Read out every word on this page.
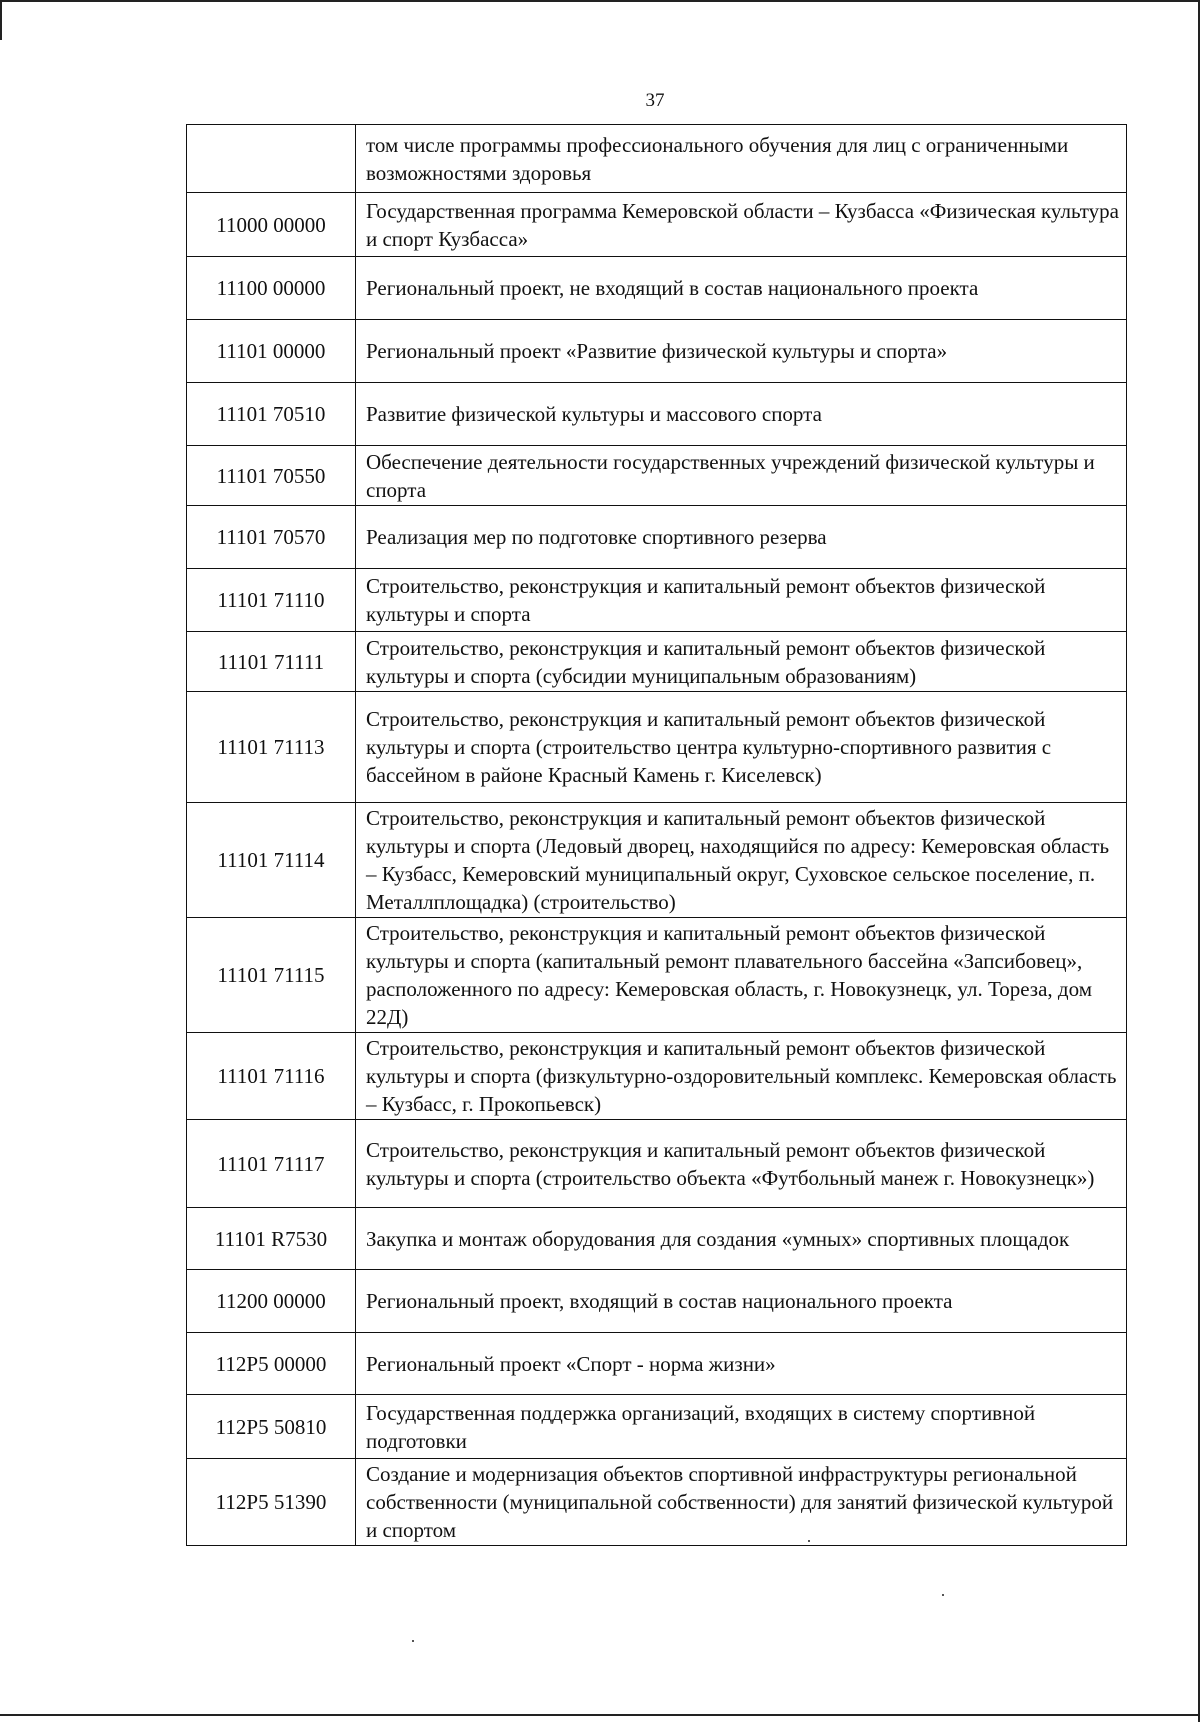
37
	том числе программы профессионального обучения для лиц с ограниченными возможностями здоровья
11000 00000	Государственная программа Кемеровской области – Кузбасса «Физическая культура и спорт Кузбасса»
11100 00000	Региональный проект, не входящий в состав национального проекта
11101 00000	Региональный проект «Развитие физической культуры и спорта»
11101 70510	Развитие физической культуры и массового спорта
11101 70550	Обеспечение деятельности государственных учреждений физической культуры и спорта
11101 70570	Реализация мер по подготовке спортивного резерва
11101 71110	Строительство, реконструкция и капитальный ремонт объектов физической культуры и спорта
11101 71111	Строительство, реконструкция и капитальный ремонт объектов физической культуры и спорта (субсидии муниципальным образованиям)
11101 71113	Строительство, реконструкция и капитальный ремонт объектов физической культуры и спорта (строительство центра культурно-спортивного развития с бассейном в районе Красный Камень г. Киселевск)
11101 71114	Строительство, реконструкция и капитальный ремонт объектов физической культуры и спорта (Ледовый дворец, находящийся по адресу: Кемеровская область – Кузбасс, Кемеровский муниципальный округ, Суховское сельское поселение, п. Металлплощадка) (строительство)
11101 71115	Строительство, реконструкция и капитальный ремонт объектов физической культуры и спорта (капитальный ремонт плавательного бассейна «Запсибовец», расположенного по адресу: Кемеровская область, г. Новокузнецк, ул. Тореза, дом 22Д)
11101 71116	Строительство, реконструкция и капитальный ремонт объектов физической культуры и спорта (физкультурно-оздоровительный комплекс. Кемеровская область – Кузбасс, г. Прокопьевск)
11101 71117	Строительство, реконструкция и капитальный ремонт объектов физической культуры и спорта (строительство объекта «Футбольный манеж г. Новокузнецк»)
11101 R7530	Закупка и монтаж оборудования для создания «умных» спортивных площадок
11200 00000	Региональный проект, входящий в состав национального проекта
112P5 00000	Региональный проект «Спорт - норма жизни»
112P5 50810	Государственная поддержка организаций, входящих в систему спортивной подготовки
112P5 51390	Создание и модернизация объектов спортивной инфраструктуры региональной собственности (муниципальной собственности) для занятий физической культурой и спортом
